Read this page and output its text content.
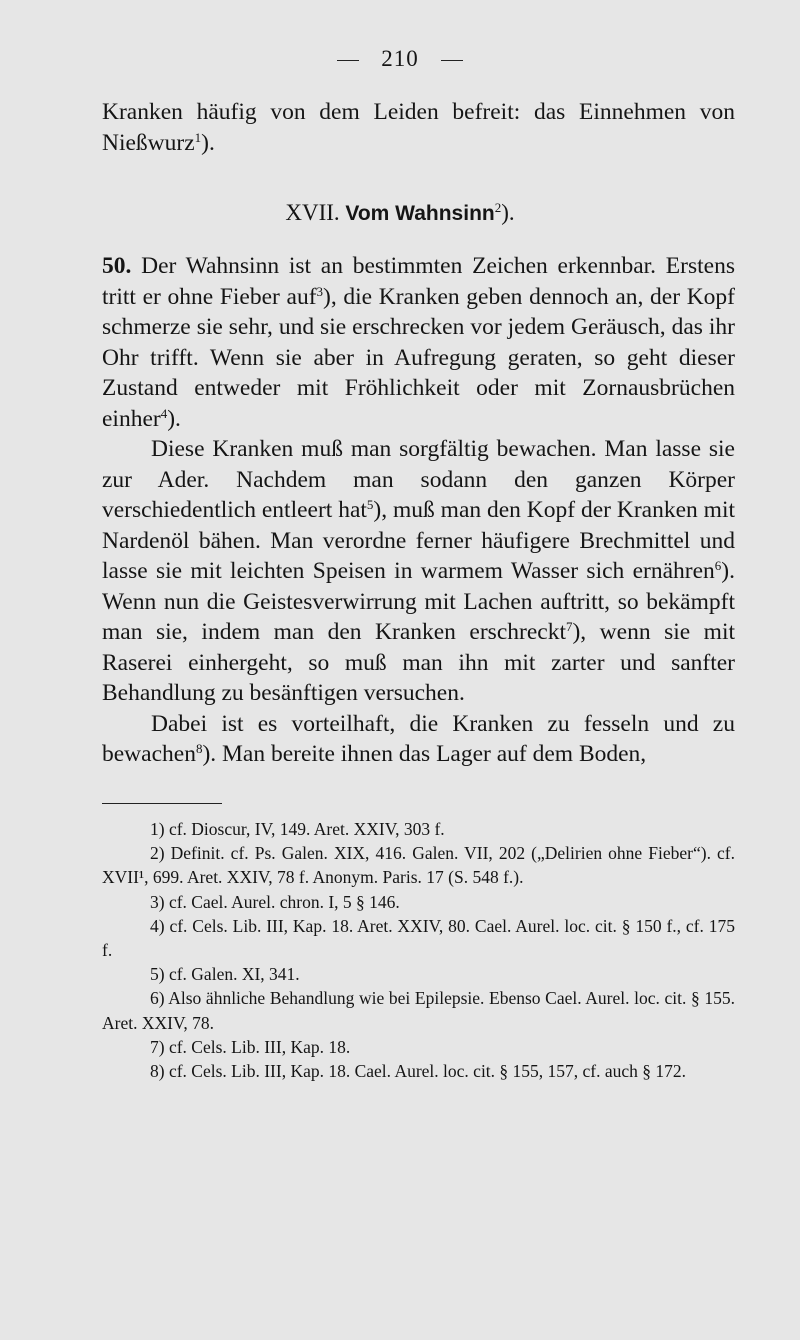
210

Kranken häufig von dem Leiden befreit: das Einnehmen von Nießwurz$^1$).

XVII. Vom Wahnsinn$^2$).

50. Der Wahnsinn ist an bestimmten Zeichen erkennbar. Erstens tritt er ohne Fieber auf$^3$), die Kranken geben dennoch an, der Kopf schmerze sie sehr, und sie erschrecken vor jedem Geräusch, das ihr Ohr trifft. Wenn sie aber in Aufregung geraten, so geht dieser Zustand entweder mit Fröhlichkeit oder mit Zornausbrüchen einher$^4$).

Diese Kranken muß man sorgfältig bewachen. Man lasse sie zur Ader. Nachdem man sodann den ganzen Körper verschiedentlich entleert hat$^5$), muß man den Kopf der Kranken mit Nardenöl bähen. Man verordne ferner häufigere Brechmittel und lasse sie mit leichten Speisen in warmem Wasser sich ernähren$^6$). Wenn nun die Geistesverwirrung mit Lachen auftritt, so bekämpft man sie, indem man den Kranken erschreckt$^7$), wenn sie mit Raserei einhergeht, so muß man ihn mit zarter und sanfter Behandlung zu besänftigen versuchen.

Dabei ist es vorteilhaft, die Kranken zu fesseln und zu bewachen$^8$). Man bereite ihnen das Lager auf dem Boden,

1) cf. Dioscur, IV, 149. Aret. XXIV, 303 f.

2) Definit. cf. Ps. Galen. XIX, 416. Galen. VII, 202 („Delirien ohne Fieber“). cf. XVII¹, 699. Aret. XXIV, 78 f. Anonym. Paris. 17 (S. 548 f.).

3) cf. Cael. Aurel. chron. I, 5 § 146.

4) cf. Cels. Lib. III, Kap. 18. Aret. XXIV, 80. Cael. Aurel. loc. cit. § 150 f., cf. 175 f.

5) cf. Galen. XI, 341.

6) Also ähnliche Behandlung wie bei Epilepsie. Ebenso Cael. Aurel. loc. cit. § 155. Aret. XXIV, 78.

7) cf. Cels. Lib. III, Kap. 18.

8) cf. Cels. Lib. III, Kap. 18. Cael. Aurel. loc. cit. § 155, 157, cf. auch § 172.
